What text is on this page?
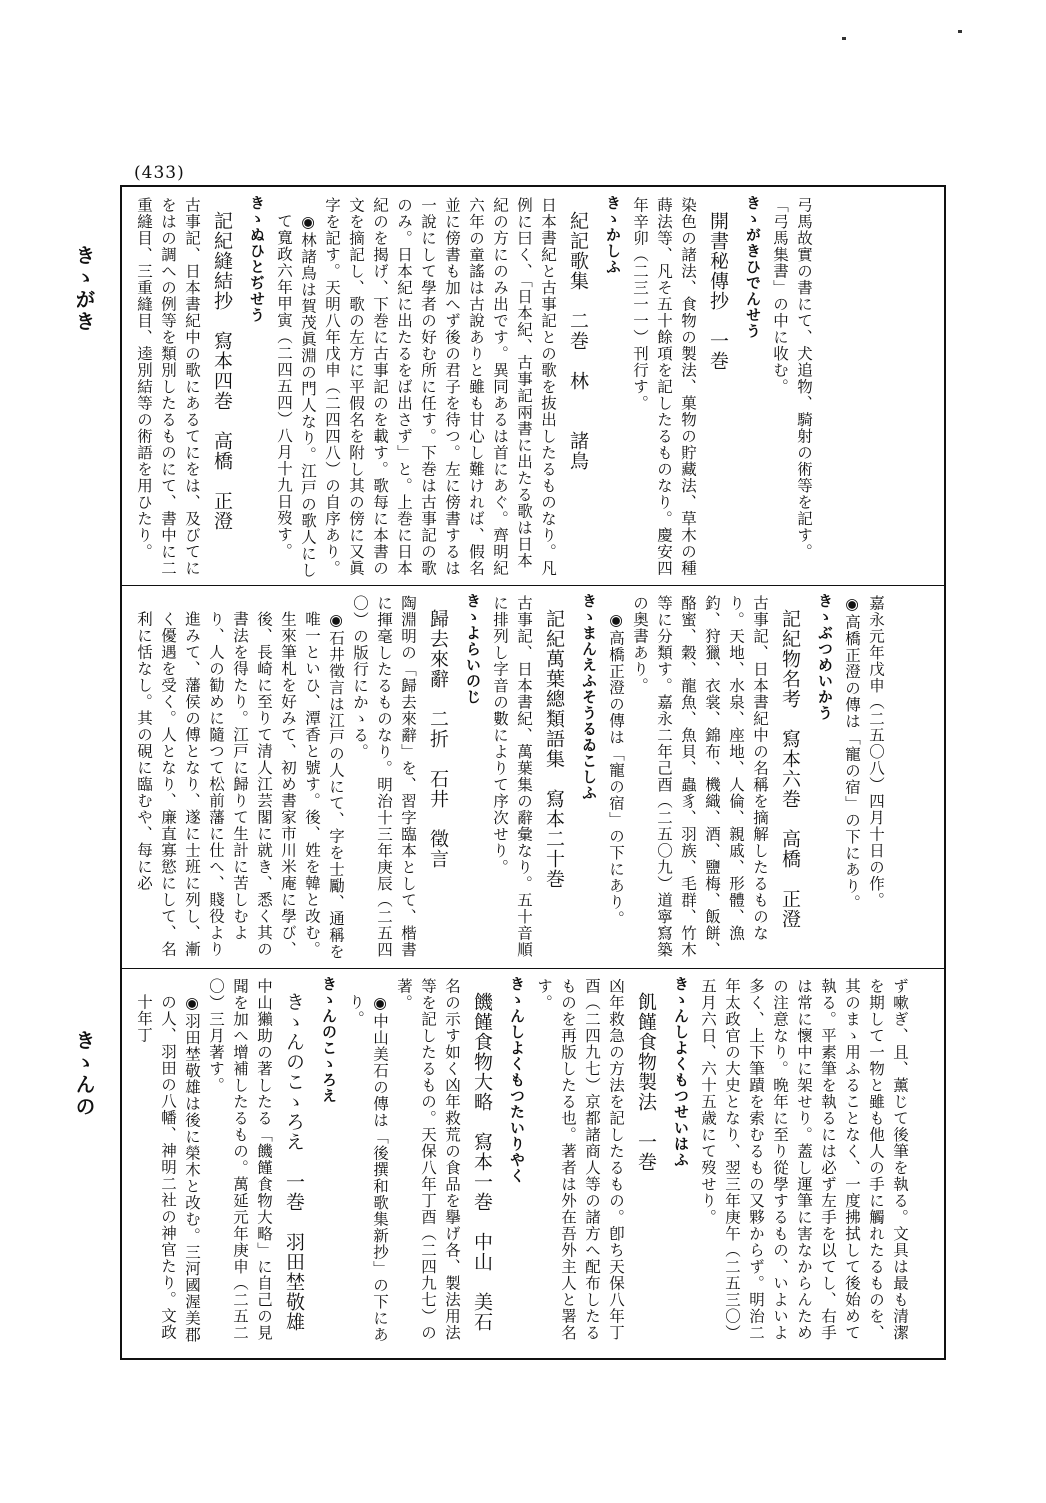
(433)
きゝがき
きゝんの

弓馬故實の書にて、犬追物、騎射の術等を記す。「弓馬集書」の中に收む。

きゝがきひでんせう

開書秘傳抄　一巻

染色の諸法、食物の製法、菓物の貯藏法、草木の種蒔法等、凡そ五十餘項を記したるものなり。慶安四年辛卯（二三一一）刊行す。

きゝかしふ

紀記歌集　二巻　林　　諸鳥

日本書紀と古事記との歌を抜出したるものなり。凡例に曰く、「日本紀、古事記兩書に出たる歌は日本紀の方にのみ出です。異同あるは首にあぐ。齊明紀六年の童謠は古說ありと雖も甘心し難ければ、假名並に傍書も加へず後の君子を待つ。左に傍書するは一說にして學者の好む所に任す。下巻は古事記の歌のみ。日本紀に出たるをば出さず」と。上巻に日本紀のを揭げ、下巻に古事記のを載す。歌每に本書の文を摘記し、歌の左方に平假名を附し其の傍に又眞字を記す。天明八年戊申（二四四八）の自序あり。

◉林諸鳥は賀茂眞淵の門人なり。江戸の歌人にして寬政六年甲寅（二四五四）八月十九日歿す。

きゝぬひとぢせう

記紀縫結抄　寫本四巻　高橋　正澄

古事記、日本書紀中の歌にあるてにをは、及びてにをはの調への例等を類別したるものにて、書中に二重縫目、三重縫目、逵別結等の術語を用ひたり。

嘉永元年戊申（二五〇八）四月十日の作。

◉高橋正澄の傳は「寵の宿」の下にあり。

きゝぶつめいかう

記紀物名考　寫本六巻　高橋　正澄

古事記、日本書紀中の名稱を摘解したるものなり。天地、水泉、座地、人倫、親戚、形體、漁釣、狩獵、衣裳、錦布、機織、酒、鹽梅、飯餅、酪蜜、穀、龍魚、魚貝、蟲豸、羽族、毛群、竹木等に分類す。嘉永二年己酉（二五〇九）道寧寫築の奥書あり。

◉高橋正澄の傳は「寵の宿」の下にあり。

きゝまんえふそうるゐこしふ

記紀萬葉總類語集　寫本二十巻

古事記、日本書紀、萬葉集の辭彙なり。五十音順に排列し字音の數によりて序次せり。

きゝよらいのじ

歸去來辭　二折　石井　徵言

陶淵明の「歸去來辭」を、習字臨本として、楷書に揮毫したるものなり。明治十三年庚辰（二五四〇）の版行にかゝる。

◉石井徵言は江戸の人にて、字を士勵、通稱を唯一といひ、潭香と號す。後、姓を韓と改む。生來筆札を好みて、初め書家市川米庵に學び、後、長崎に至りて清人江芸閣に就き、悉く其の書法を得たり。江戸に歸りて生計に苦しむより、人の勧めに隨つて松前藩に仕へ、賤役より進みて、藩侯の傅となり、遂に士班に列し、漸く優遇を受く。人となり、廉直寡慾にして、名利に恬なし。其の硯に臨むや、每に必

ず嗽ぎ、且、薰じて後筆を執る。文具は最も清潔を期して一物と雖も他人の手に觸れたるものを、其のまゝ用ふることなく、一度拂拭して後始めて執る。平素筆を執るには必ず左手を以てし、右手は常に懷中に架せり。蓋し運筆に害なからんための注意なり。晩年に至り從學するもの、いよいよ多く、上下筆蹟を索むるもの又夥からず。明治二年太政官の大史となり、翌三年庚午（二五三〇）五月六日、六十五歳にて歿せり。

きゝんしよくもつせいはふ

飢饉食物製法　一巻

凶年救急の方法を記したるもの。卽ち天保八年丁酉（二四九七）京都諸商人等の諸方へ配布したるものを再版したる也。著者は外在吾外主人と署名す。

きゝんしよくもつたいりやく

饑饉食物大略　寫本一巻　中山　美石

名の示す如く凶年救荒の食品を擧げ各、製法用法等を記したるもの。天保八年丁酉（二四九七）の著。

◉中山美石の傳は「後撰和歌集新抄」の下にあり。

きゝんのこゝろえ

きゝんのこゝろえ　一巻　羽田埜敬雄

中山獺助の著したる「饑饉食物大略」に自己の見聞を加へ增補したるもの。萬延元年庚申（二五二〇）三月著す。

◉羽田埜敬雄は後に榮木と改む。三河國渥美郡の人、羽田の八幡、神明二社の神官たり。文政十年丁
